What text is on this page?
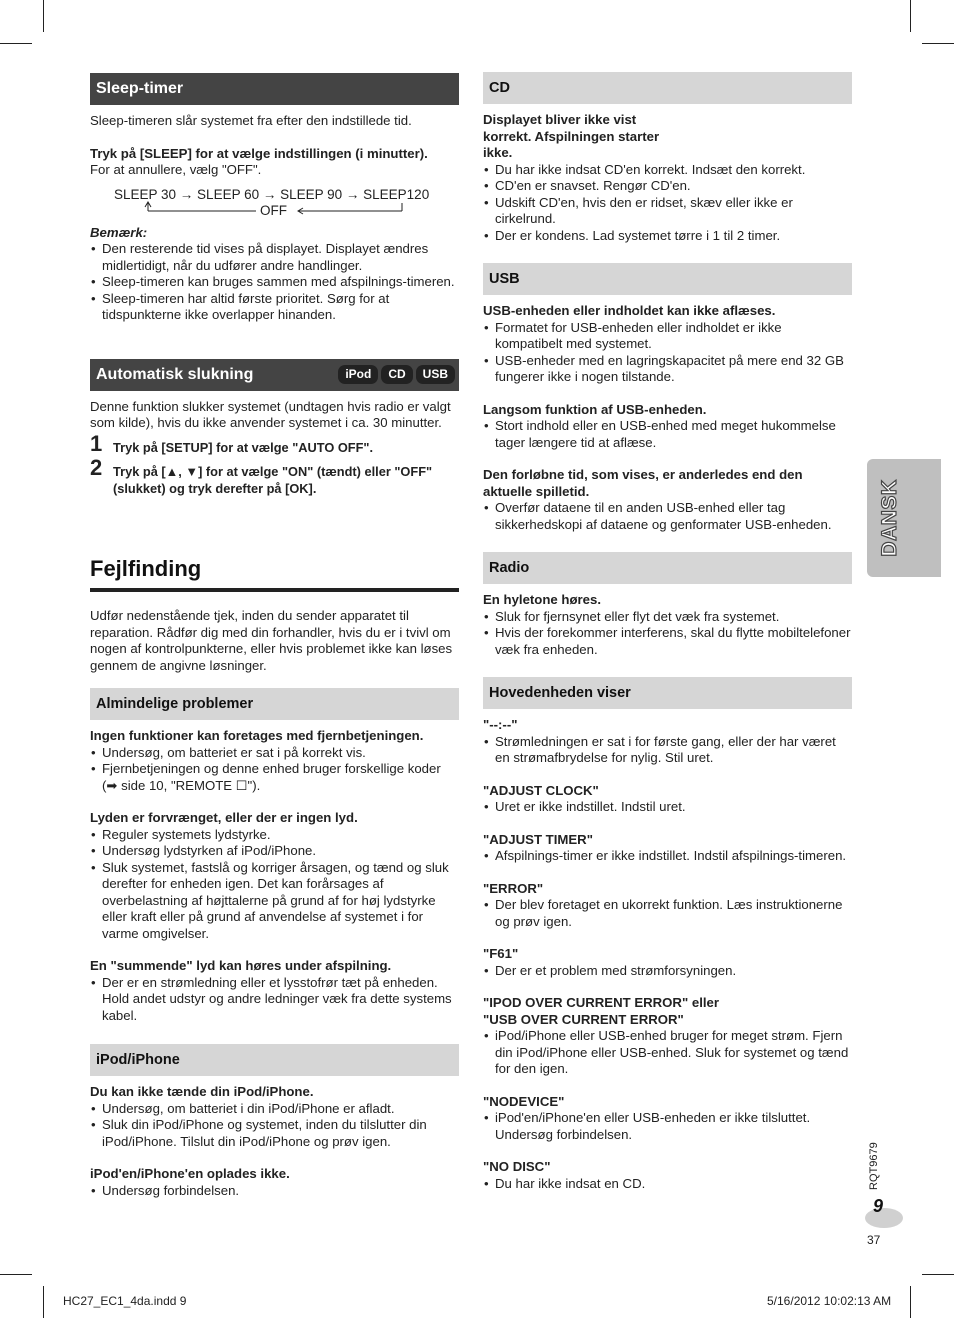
Sleep-timer

Sleep-timeren slår systemet fra efter den indstillede tid.

Tryk på [SLEEP] for at vælge indstillingen (i minutter).

For at annullere, vælg "OFF".

SLEEP 30 → SLEEP 60 → SLEEP 90 → SLEEP120
OFF

Bemærk:

• Den resterende tid vises på displayet. Displayet ændres midlertidigt, når du udfører andre handlinger.
• Sleep-timeren kan bruges sammen med afspilnings-timeren.
• Sleep-timeren har altid første prioritet. Sørg for at tidspunkterne ikke overlapper hinanden.
Automatisk slukning	iPod	CD	USB

Denne funktion slukker systemet (undtagen hvis radio er valgt som kilde), hvis du ikke anvender systemet i ca. 30 minutter.

1 Tryk på [SETUP] for at vælge "AUTO OFF".
2 Tryk på [▲, ▼] for at vælge "ON" (tændt) eller "OFF" (slukket) og tryk derefter på [OK].
Fejlfinding

Udfør nedenstående tjek, inden du sender apparatet til reparation. Rådfør dig med din forhandler, hvis du er i tvivl om nogen af kontrolpunkterne, eller hvis problemet ikke kan løses gennem de angivne løsninger.

Almindelige problemer

Ingen funktioner kan foretages med fjernbetjeningen.

• Undersøg, om batteriet er sat i på korrekt vis.
• Fjernbetjeningen og denne enhed bruger forskellige koder (➡ side 10, "REMOTE ☐").

Lyden er forvrænget, eller der er ingen lyd.

• Reguler systemets lydstyrke.
• Undersøg lydstyrken af iPod/iPhone.
• Sluk systemet, fastslå og korriger årsagen, og tænd og sluk derefter for enheden igen. Det kan forårsages af overbelastning af højttalerne på grund af for høj lydstyrke eller kraft eller på grund af anvendelse af systemet i for varme omgivelser.

En "summende" lyd kan høres under afspilning.

• Der er en strømledning eller et lysstofrør tæt på enheden. Hold andet udstyr og andre ledninger væk fra dette systems kabel.
iPod/iPhone

Du kan ikke tænde din iPod/iPhone.

• Undersøg, om batteriet i din iPod/iPhone er afladt.
• Sluk din iPod/iPhone og systemet, inden du tilslutter din iPod/iPhone. Tilslut din iPod/iPhone og prøv igen.

iPod'en/iPhone'en oplades ikke.

• Undersøg forbindelsen.
CD

Displayet bliver ikke vist korrekt. Afspilningen starter ikke.

• Du har ikke indsat CD'en korrekt. Indsæt den korrekt.
• CD'en er snavset. Rengør CD'en.
• Udskift CD'en, hvis den er ridset, skæv eller ikke er cirkelrund.
• Der er kondens. Lad systemet tørre i 1 til 2 timer.
USB

USB-enheden eller indholdet kan ikke aflæses.

• Formatet for USB-enheden eller indholdet er ikke kompatibelt med systemet.
• USB-enheder med en lagringskapacitet på mere end 32 GB fungerer ikke i nogen tilstande.

Langsom funktion af USB-enheden.

• Stort indhold eller en USB-enhed med meget hukommelse tager længere tid at aflæse.

Den forløbne tid, som vises, er anderledes end den aktuelle spilletid.

• Overfør dataene til en anden USB-enhed eller tag sikkerhedskopi af dataene og genformater USB-enheden.
Radio

En hyletone høres.

• Sluk for fjernsynet eller flyt det væk fra systemet.
• Hvis der forekommer interferens, skal du flytte mobiltelefoner væk fra enheden.
Hovedenheden viser

"--:--"

• Strømledningen er sat i for første gang, eller der har været en strømafbrydelse for nylig. Stil uret.

"ADJUST CLOCK"

• Uret er ikke indstillet. Indstil uret.

"ADJUST TIMER"

• Afspilnings-timer er ikke indstillet. Indstil afspilnings-timeren.

"ERROR"

• Der blev foretaget en ukorrekt funktion. Læs instruktionerne og prøv igen.

"F61"

• Der er et problem med strømforsyningen.

"IPOD OVER CURRENT ERROR" eller "USB OVER CURRENT ERROR"

• iPod/iPhone eller USB-enhed bruger for meget strøm. Fjern din iPod/iPhone eller USB-enhed. Sluk for systemet og tænd for den igen.

"NODEVICE"

• iPod'en/iPhone'en eller USB-enheden er ikke tilsluttet. Undersøg forbindelsen.

"NO DISC"

• Du har ikke indsat en CD.
DANSK
RQT9679
9
37
HC27_EC1_4da.indd 9	5/16/2012 10:02:13 AM
